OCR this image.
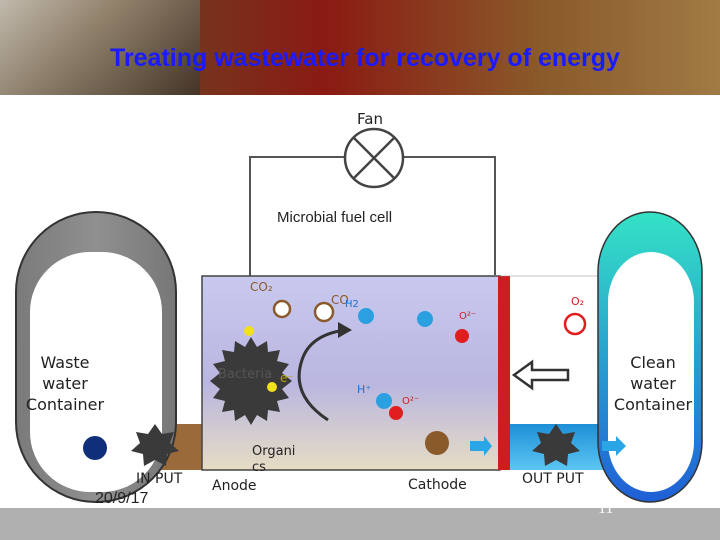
Treating wastewater for recovery of energy
Fan
Microbial fuel cell
Waste
water
Container
Clean
water
Container
CO₂
CO
H2	O₂
O²⁻
O²⁻
H⁺
e⁻
Bacteria
Organi
cs
IN PUT Anode	Cathode	OUT PUT
20/9/17
11
